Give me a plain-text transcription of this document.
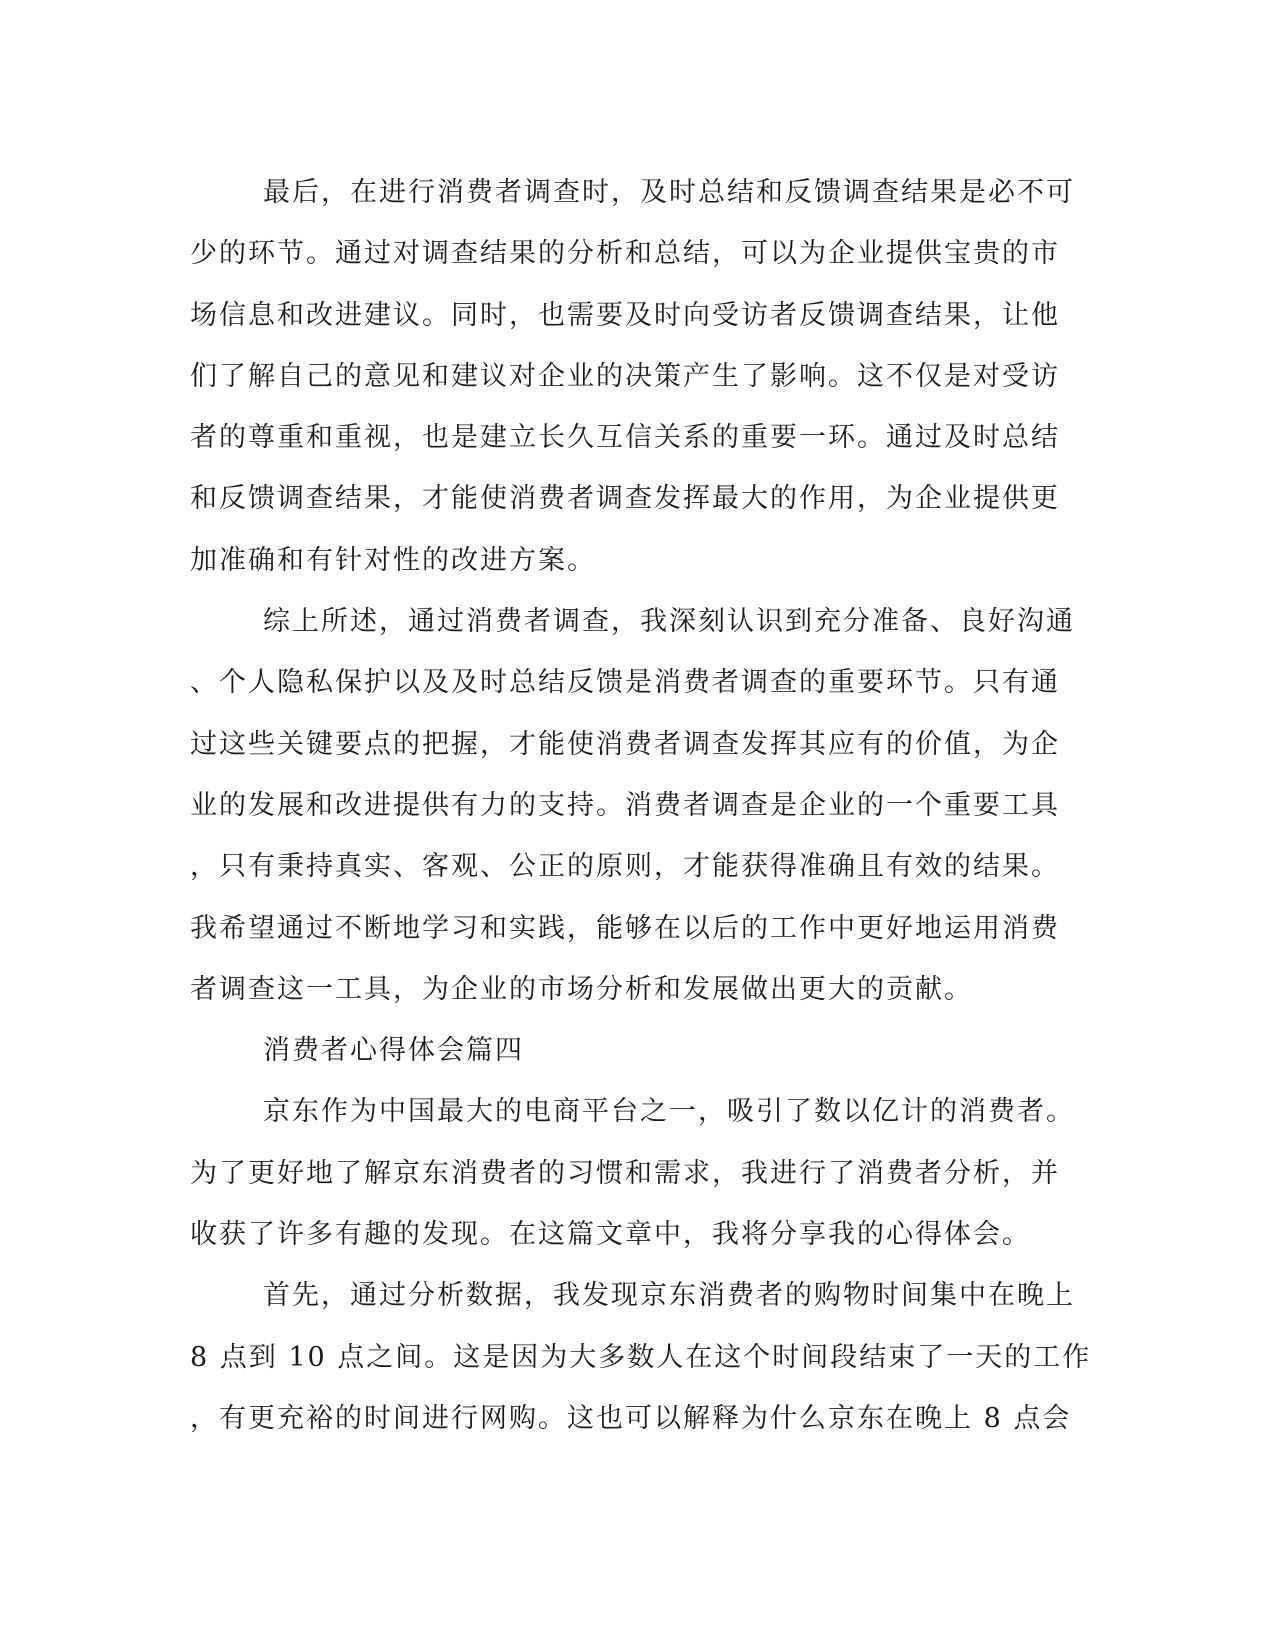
最后，在进行消费者调查时，及时总结和反馈调查结果是必不可
少的环节。通过对调查结果的分析和总结，可以为企业提供宝贵的市
场信息和改进建议。同时，也需要及时向受访者反馈调查结果，让他
们了解自己的意见和建议对企业的决策产生了影响。这不仅是对受访
者的尊重和重视，也是建立长久互信关系的重要一环。通过及时总结
和反馈调查结果，才能使消费者调查发挥最大的作用，为企业提供更
加准确和有针对性的改进方案。
综上所述，通过消费者调查，我深刻认识到充分准备、良好沟通
、个人隐私保护以及及时总结反馈是消费者调查的重要环节。只有通
过这些关键要点的把握，才能使消费者调查发挥其应有的价值，为企
业的发展和改进提供有力的支持。消费者调查是企业的一个重要工具
，只有秉持真实、客观、公正的原则，才能获得准确且有效的结果。
我希望通过不断地学习和实践，能够在以后的工作中更好地运用消费
者调查这一工具，为企业的市场分析和发展做出更大的贡献。
消费者心得体会篇四
京东作为中国最大的电商平台之一，吸引了数以亿计的消费者。
为了更好地了解京东消费者的习惯和需求，我进行了消费者分析，并
收获了许多有趣的发现。在这篇文章中，我将分享我的心得体会。
首先，通过分析数据，我发现京东消费者的购物时间集中在晚上
8 点到 10 点之间。这是因为大多数人在这个时间段结束了一天的工作
，有更充裕的时间进行网购。这也可以解释为什么京东在晚上 8 点会
